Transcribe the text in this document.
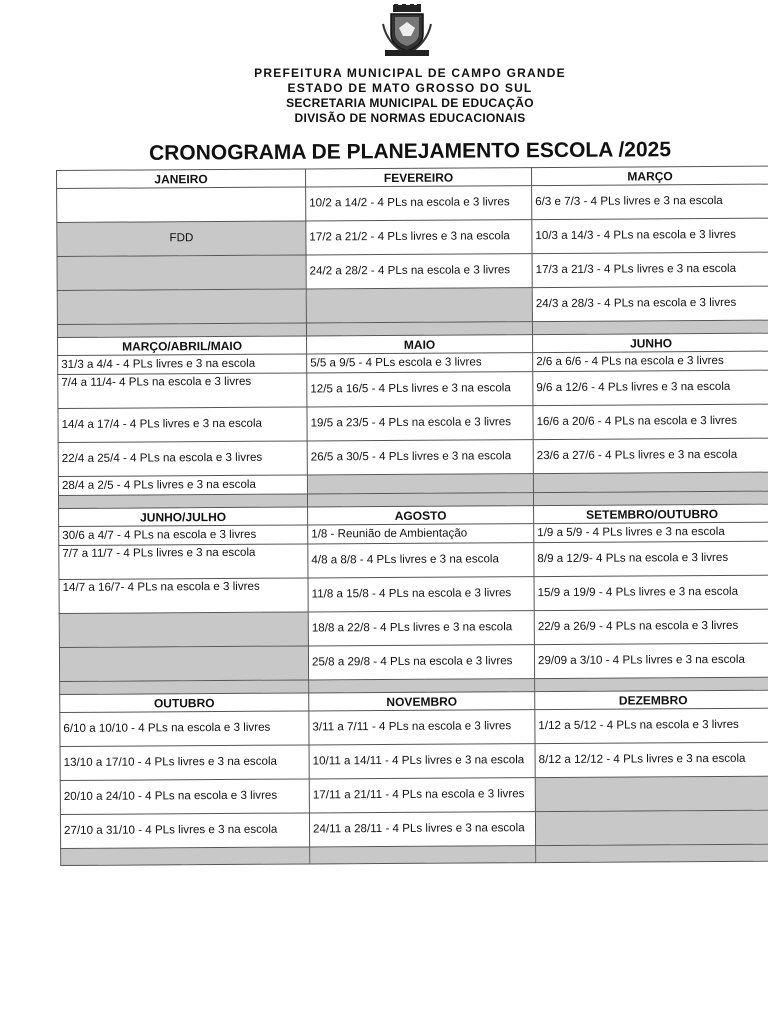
PREFEITURA MUNICIPAL DE CAMPO GRANDE
ESTADO DE MATO GROSSO DO SUL
SECRETARIA MUNICIPAL DE EDUCAÇÃO
DIVISÃO DE NORMAS EDUCACIONAIS
CRONOGRAMA DE PLANEJAMENTO ESCOLA /2025
JANEIRO	FEVEREIRO	MARÇO
	10/2 a 14/2 - 4 PLs na escola e 3 livres	6/3 e 7/3 - 4 PLs livres e 3 na escola
FDD	17/2 a 21/2 - 4 PLs livres e 3 na escola	10/3 a 14/3 - 4 PLs na escola e 3 livres
	24/2 a 28/2 - 4 PLs na escola e 3 livres	17/3 a 21/3 - 4 PLs livres e 3 na escola
		24/3 a 28/3 - 4 PLs na escola e 3 livres

MARÇO/ABRIL/MAIO	MAIO	JUNHO
31/3 a 4/4 - 4 PLs livres e 3 na escola	5/5 a 9/5 - 4 PLs escola e 3 livres	2/6 a 6/6 - 4 PLs na escola e 3 livres
7/4 a 11/4- 4 PLs na escola e 3 livres	12/5 a 16/5 - 4 PLs livres e 3 na escola	9/6 a 12/6 - 4 PLs livres e 3 na escola
14/4 a 17/4 - 4 PLs livres e 3 na escola	19/5 a 23/5 - 4 PLs na escola e 3 livres	16/6 a 20/6 - 4 PLs na escola e 3 livres
22/4 a 25/4 - 4 PLs na escola e 3 livres	26/5 a 30/5 - 4 PLs livres e 3 na escola	23/6 a 27/6 - 4 PLs livres e 3 na escola
28/4 a 2/5 - 4 PLs livres e 3 na escola		

JUNHO/JULHO	AGOSTO	SETEMBRO/OUTUBRO
30/6 a 4/7 - 4 PLs na escola e 3 livres	1/8 - Reunião de Ambientação	1/9 a 5/9 - 4 PLs livres e 3 na escola
7/7 a 11/7 - 4 PLs livres e 3 na escola	4/8 a 8/8 - 4 PLs livres e 3 na escola	8/9 a 12/9- 4 PLs na escola e 3 livres
14/7 a 16/7- 4 PLs na escola e 3 livres	11/8 a 15/8 - 4 PLs na escola e 3 livres	15/9 a 19/9 - 4 PLs livres e 3 na escola
	18/8 a 22/8 - 4 PLs livres e 3 na escola	22/9 a 26/9 - 4 PLs na escola e 3 livres
	25/8 a 29/8 - 4 PLs na escola e 3 livres	29/09 a 3/10 - 4 PLs livres e 3 na escola

OUTUBRO	NOVEMBRO	DEZEMBRO
6/10 a 10/10 - 4 PLs na escola e 3 livres	3/11 a 7/11 - 4 PLs na escola e 3 livres	1/12 a 5/12 - 4 PLs na escola e 3 livres
13/10 a 17/10 - 4 PLs livres e 3 na escola	10/11 a 14/11 - 4 PLs livres e 3 na escola	8/12 a 12/12 - 4 PLs livres e 3 na escola
20/10 a 24/10 - 4 PLs na escola e 3 livres	17/11 a 21/11 - 4 PLs na escola e 3 livres	
27/10 a 31/10 - 4 PLs livres e 3 na escola	24/11 a 28/11 - 4 PLs livres e 3 na escola	
